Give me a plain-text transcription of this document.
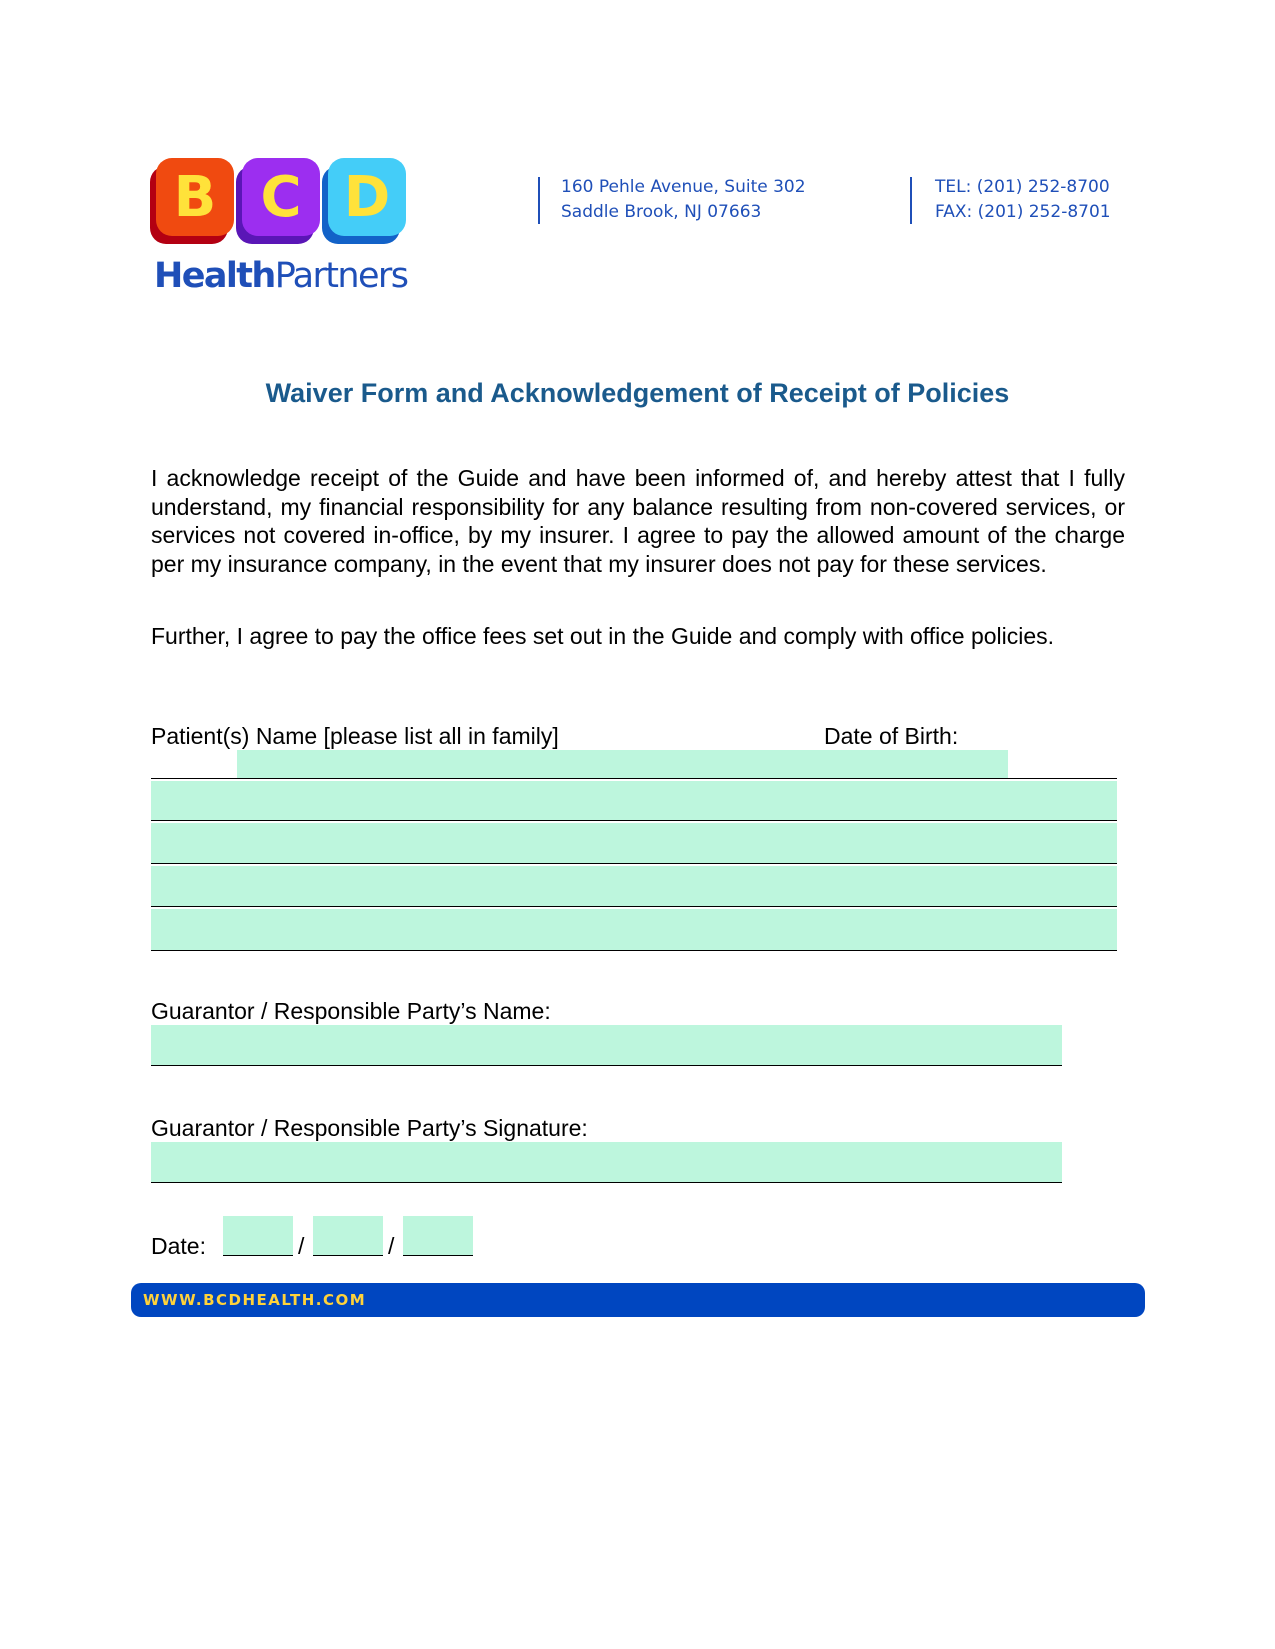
B C D
HealthPartners
160 Pehle Avenue, Suite 302
Saddle Brook, NJ 07663
TEL: (201) 252-8700
FAX: (201) 252-8701
Waiver Form and Acknowledgement of Receipt of Policies
I acknowledge receipt of the Guide and have been informed of, and hereby attest that I fully understand, my financial responsibility for any balance resulting from non-covered services, or services not covered in-office, by my insurer. I agree to pay the allowed amount of the charge per my insurance company, in the event that my insurer does not pay for these services.
Further, I agree to pay the office fees set out in the Guide and comply with office policies.
Patient(s) Name [please list all in family]	Date of Birth:
Guarantor / Responsible Party’s Name:
Guarantor / Responsible Party’s Signature:
Date:	/	/
WWW.BCDHEALTH.COM
